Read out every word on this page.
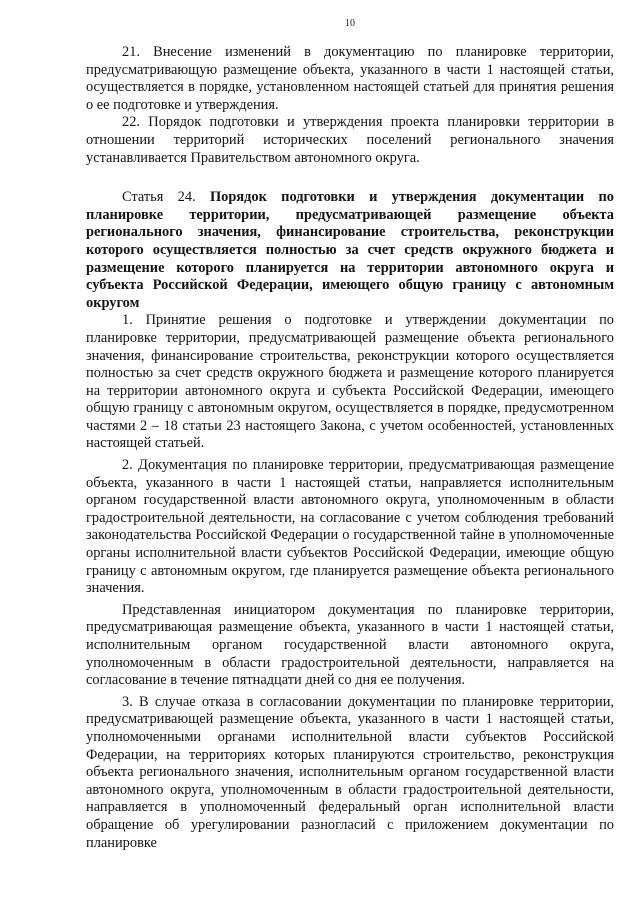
10

21. Внесение изменений в документацию по планировке территории, предусматривающую размещение объекта, указанного в части 1 настоящей статьи, осуществляется в порядке, установленном настоящей статьей для принятия решения о ее подготовке и утверждения.

22. Порядок подготовки и утверждения проекта планировки территории в отношении территорий исторических поселений регионального значения устанавливается Правительством автономного округа.

Статья 24. Порядок подготовки и утверждения документации по планировке территории, предусматривающей размещение объекта регионального значения, финансирование строительства, реконструкции которого осуществляется полностью за счет средств окружного бюджета и размещение которого планируется на территории автономного округа и субъекта Российской Федерации, имеющего общую границу с автономным округом

1. Принятие решения о подготовке и утверждении документации по планировке территории, предусматривающей размещение объекта регионального значения, финансирование строительства, реконструкции которого осуществляется полностью за счет средств окружного бюджета и размещение которого планируется на территории автономного округа и субъекта Российской Федерации, имеющего общую границу с автономным округом, осуществляется в порядке, предусмотренном частями 2 – 18 статьи 23 настоящего Закона, с учетом особенностей, установленных настоящей статьей.

2. Документация по планировке территории, предусматривающая размещение объекта, указанного в части 1 настоящей статьи, направляется исполнительным органом государственной власти автономного округа, уполномоченным в области градостроительной деятельности, на согласование с учетом соблюдения требований законодательства Российской Федерации о государственной тайне в уполномоченные органы исполнительной власти субъектов Российской Федерации, имеющие общую границу с автономным округом, где планируется размещение объекта регионального значения.

Представленная инициатором документация по планировке территории, предусматривающая размещение объекта, указанного в части 1 настоящей статьи, исполнительным органом государственной власти автономного округа, уполномоченным в области градостроительной деятельности, направляется на согласование в течение пятнадцати дней со дня ее получения.

3. В случае отказа в согласовании документации по планировке территории, предусматривающей размещение объекта, указанного в части 1 настоящей статьи, уполномоченными органами исполнительной власти субъектов Российской Федерации, на территориях которых планируются строительство, реконструкция объекта регионального значения, исполнительным органом государственной власти автономного округа, уполномоченным в области градостроительной деятельности, направляется в уполномоченный федеральный орган исполнительной власти обращение об урегулировании разногласий с приложением документации по планировке
